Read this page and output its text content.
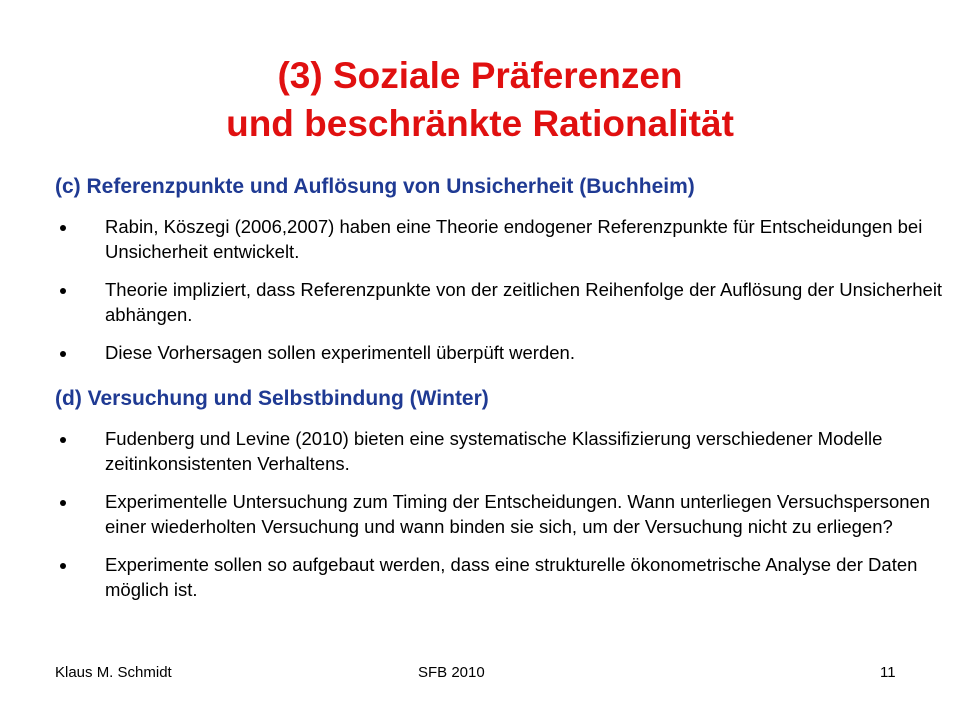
(3) Soziale Präferenzen
und beschränkte Rationalität
(c) Referenzpunkte und Auflösung von Unsicherheit (Buchheim)
Rabin, Köszegi (2006,2007) haben eine Theorie endogener Referenzpunkte für Entscheidungen bei Unsicherheit entwickelt.
Theorie impliziert, dass Referenzpunkte von der zeitlichen Reihenfolge der Auflösung der Unsicherheit abhängen.
Diese Vorhersagen sollen experimentell überpüft werden.
(d) Versuchung und Selbstbindung (Winter)
Fudenberg und Levine (2010) bieten eine systematische Klassifizierung verschiedener Modelle zeitinkonsistenten Verhaltens.
Experimentelle Untersuchung zum Timing der Entscheidungen. Wann unterliegen Versuchspersonen einer wiederholten Versuchung und wann binden sie sich, um der Versuchung nicht zu erliegen?
Experimente sollen so aufgebaut werden, dass eine strukturelle ökonometrische Analyse der Daten möglich ist.
Klaus M. Schmidt	SFB 2010	11
